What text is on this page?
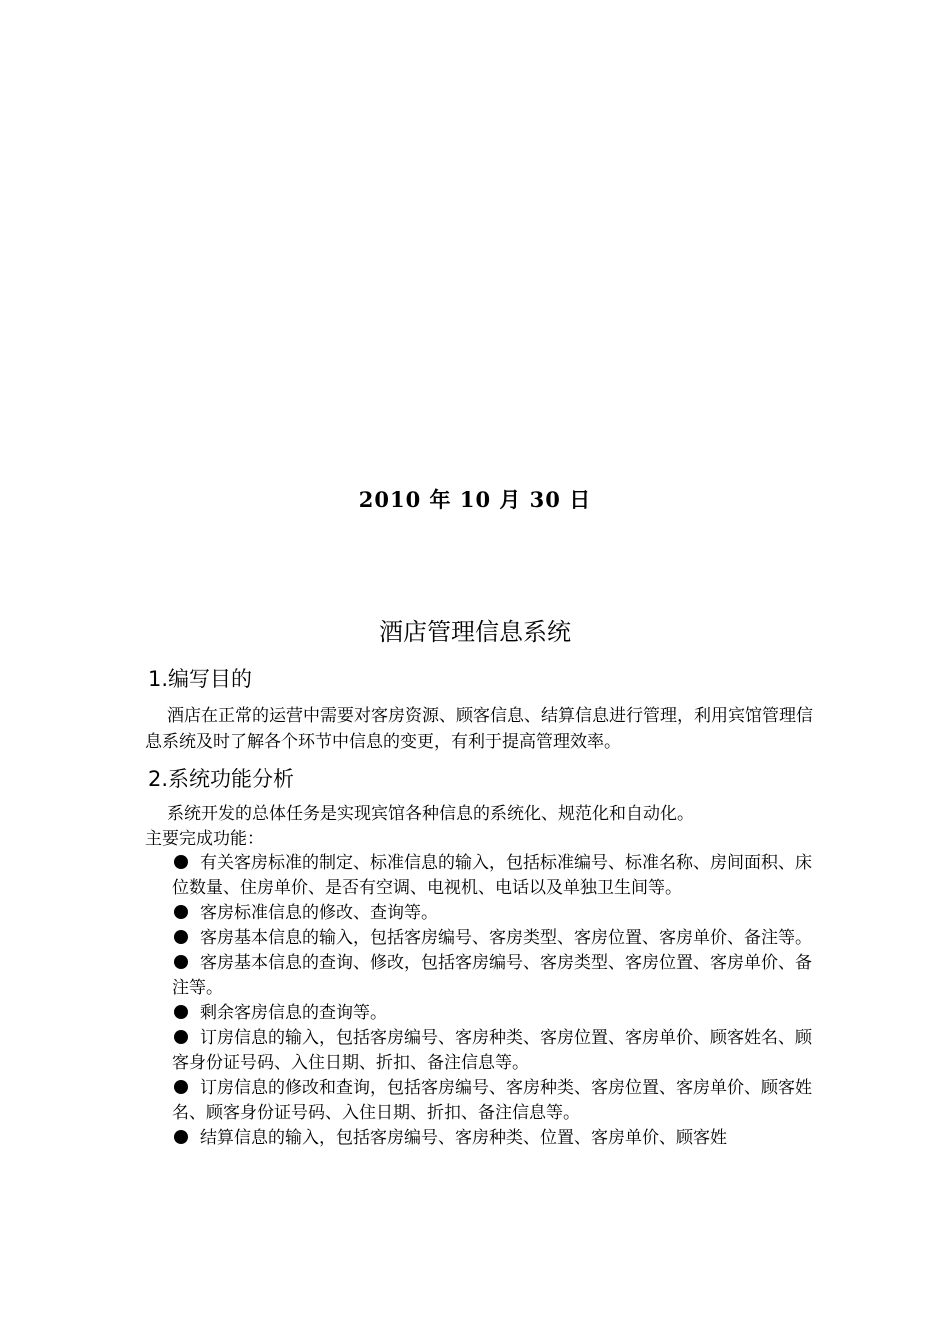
2010 年 10 月 30 日
酒店管理信息系统
1.编写目的
酒店在正常的运营中需要对客房资源、顾客信息、结算信息进行管理，利用宾馆管理信息系统及时了解各个环节中信息的变更，有利于提高管理效率。
2.系统功能分析
系统开发的总体任务是实现宾馆各种信息的系统化、规范化和自动化。
主要完成功能：
有关客房标准的制定、标准信息的输入，包括标准编号、标准名称、房间面积、床位数量、住房单价、是否有空调、电视机、电话以及单独卫生间等。
客房标准信息的修改、查询等。
客房基本信息的输入，包括客房编号、客房类型、客房位置、客房单价、备注等。
客房基本信息的查询、修改，包括客房编号、客房类型、客房位置、客房单价、备注等。
剩余客房信息的查询等。
订房信息的输入，包括客房编号、客房种类、客房位置、客房单价、顾客姓名、顾客身份证号码、入住日期、折扣、备注信息等。
订房信息的修改和查询，包括客房编号、客房种类、客房位置、客房单价、顾客姓名、顾客身份证号码、入住日期、折扣、备注信息等。
结算信息的输入，包括客房编号、客房种类、位置、客房单价、顾客姓
